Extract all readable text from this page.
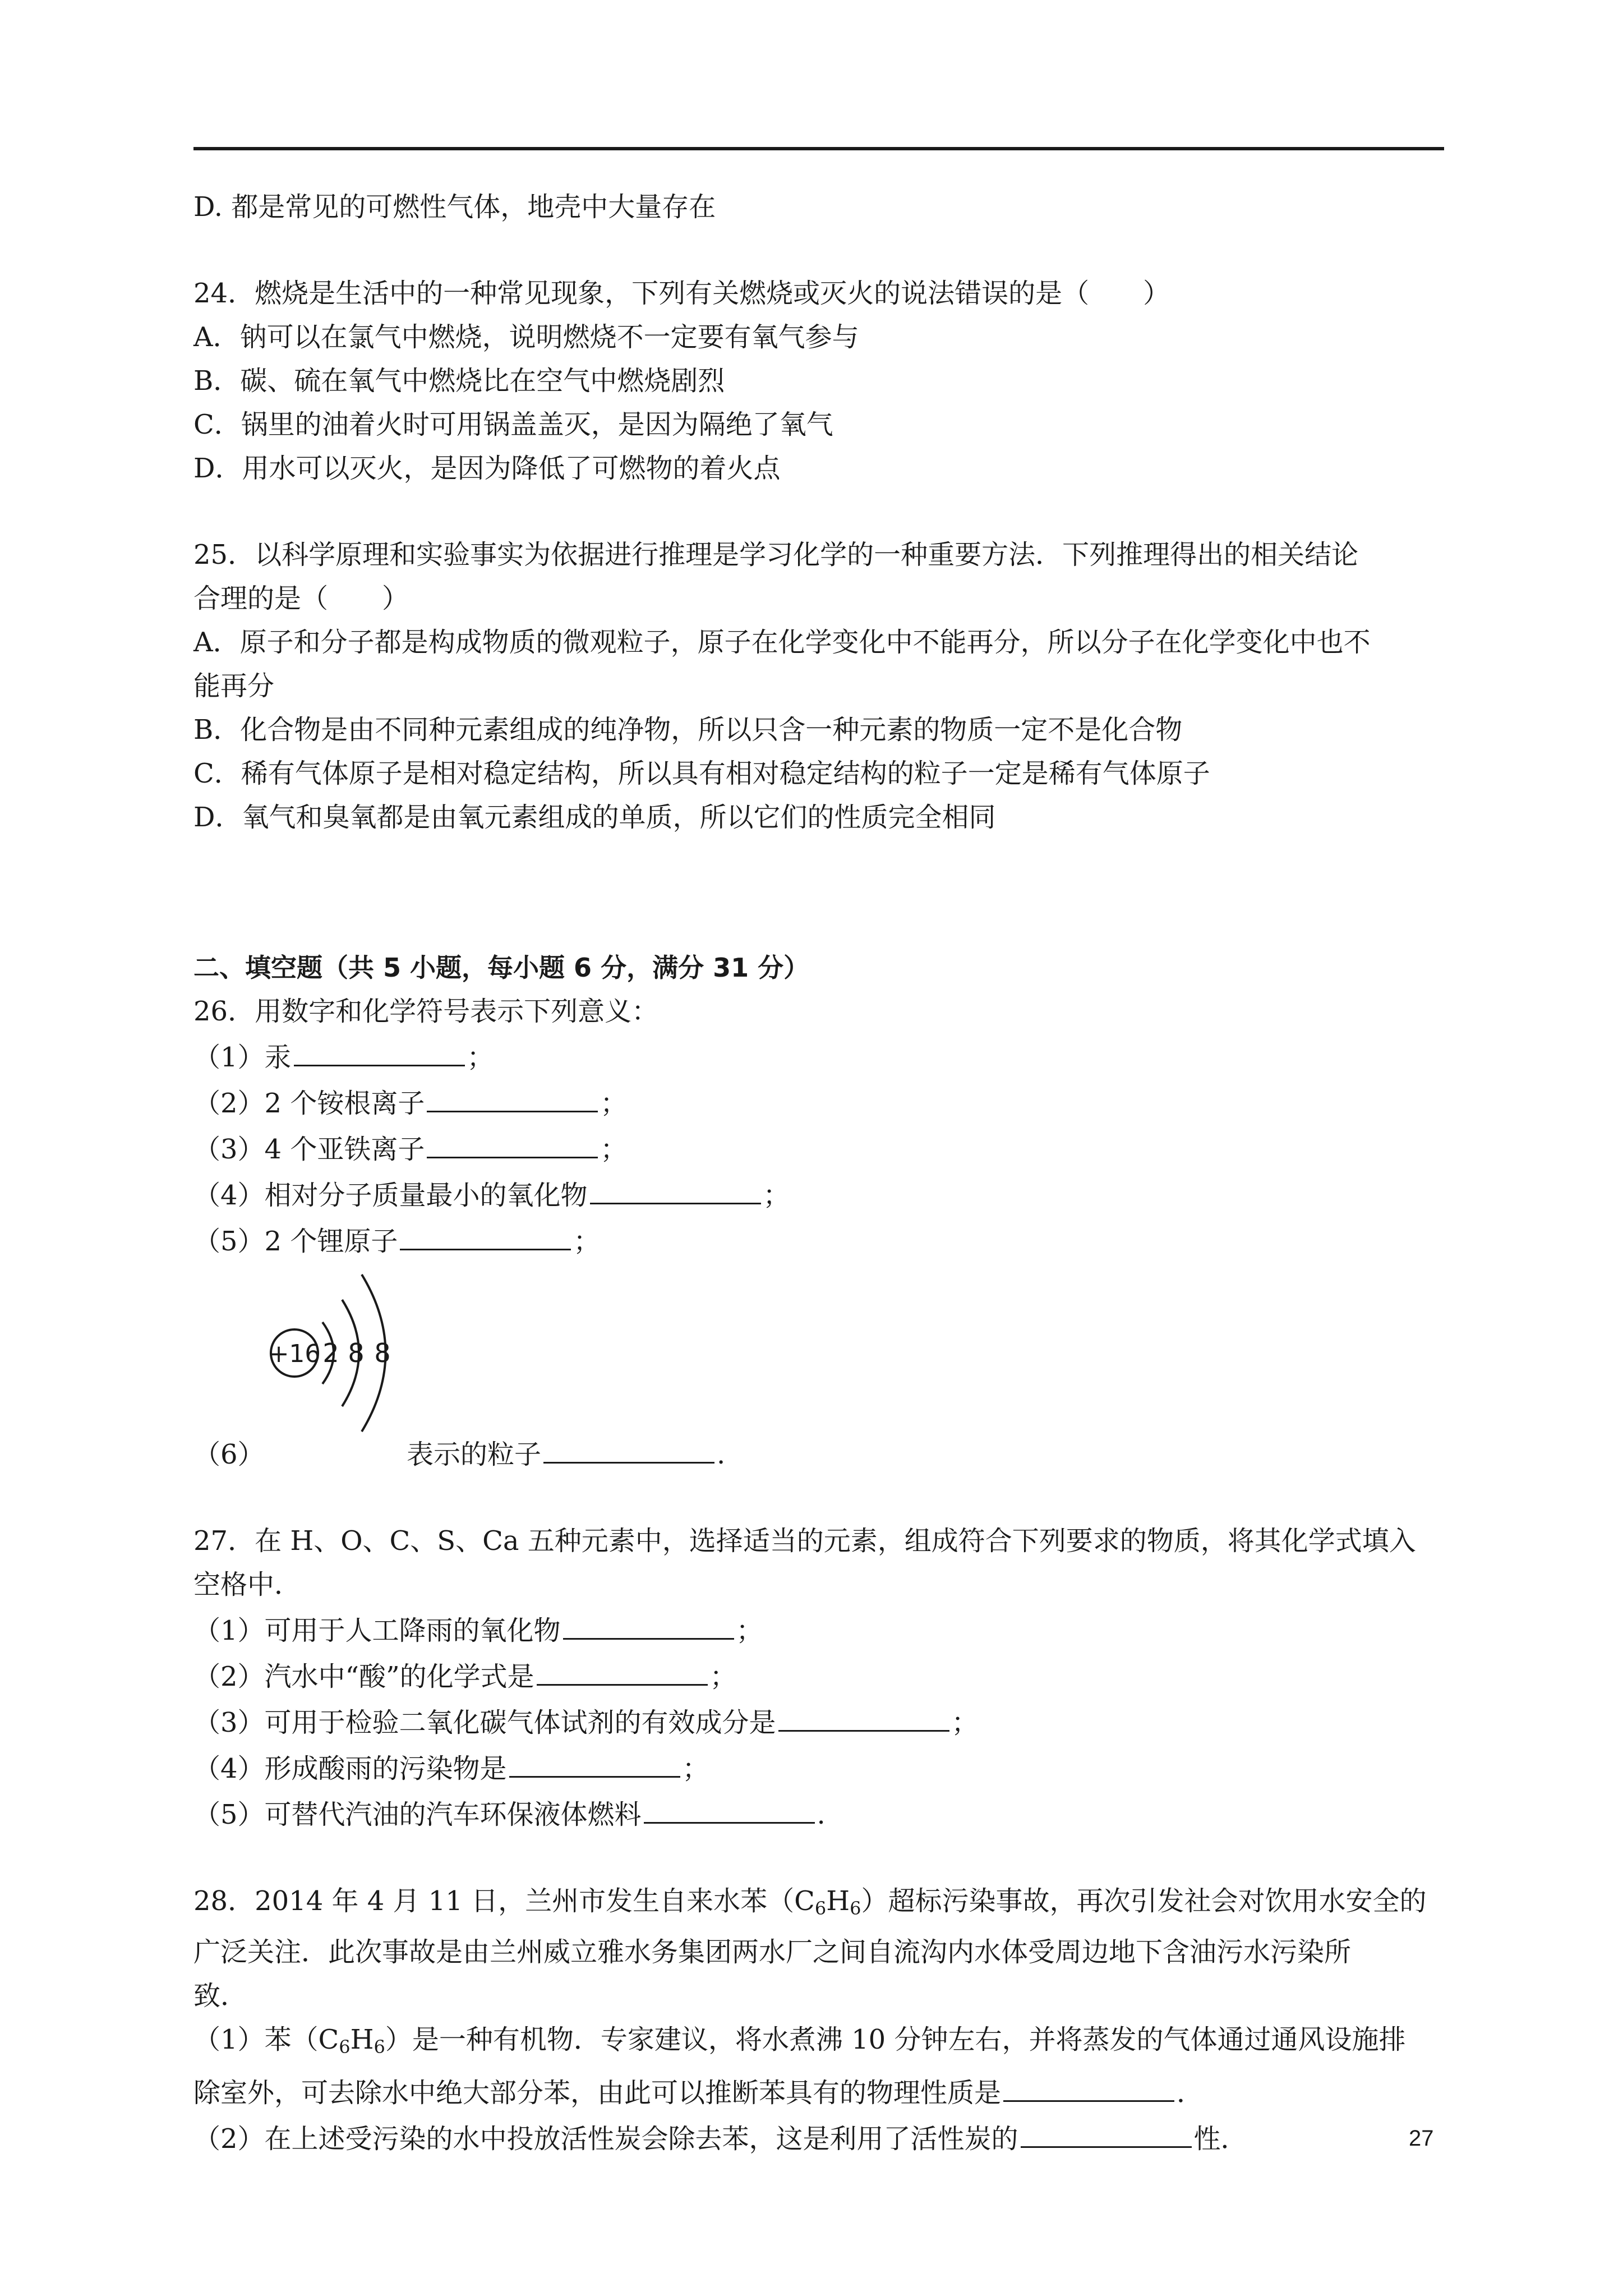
D. 都是常见的可燃性气体，地壳中大量存在
24．燃烧是生活中的一种常见现象，下列有关燃烧或灭火的说法错误的是（　　）
A．钠可以在氯气中燃烧，说明燃烧不一定要有氧气参与
B．碳、硫在氧气中燃烧比在空气中燃烧剧烈
C．锅里的油着火时可用锅盖盖灭，是因为隔绝了氧气
D．用水可以灭火，是因为降低了可燃物的着火点
25．以科学原理和实验事实为依据进行推理是学习化学的一种重要方法．下列推理得出的相关结论
合理的是（　　）
A．原子和分子都是构成物质的微观粒子，原子在化学变化中不能再分，所以分子在化学变化中也不
能再分
B．化合物是由不同种元素组成的纯净物，所以只含一种元素的物质一定不是化合物
C．稀有气体原子是相对稳定结构，所以具有相对稳定结构的粒子一定是稀有气体原子
D．氧气和臭氧都是由氧元素组成的单质，所以它们的性质完全相同
二、填空题（共 5 小题，每小题 6 分，满分 31 分）
26．用数字和化学符号表示下列意义：
（1）汞	；
（2）2 个铵根离子	；
（3）4 个亚铁离子	；
（4）相对分子质量最小的氧化物	；
（5）2 个锂原子	；
（6）
+16 2 8 8
表示的粒子	.
27．在 H、O、C、S、Ca 五种元素中，选择适当的元素，组成符合下列要求的物质，将其化学式填入
空格中．
（1）可用于人工降雨的氧化物	；
（2）汽水中“酸”的化学式是	；
（3）可用于检验二氧化碳气体试剂的有效成分是	；
（4）形成酸雨的污染物是	；
（5）可替代汽油的汽车环保液体燃料	.
28．2014 年 4 月 11 日，兰州市发生自来水苯$(C_6H_6)$超标污染事故，再次引发社会对饮用水安全的
广泛关注．此次事故是由兰州威立雅水务集团两水厂之间自流沟内水体受周边地下含油污水污染所
致．
（1）苯$(C_6H_6)$是一种有机物．专家建议，将水煮沸 10 分钟左右，并将蒸发的气体通过通风设施排
除室外，可去除水中绝大部分苯，由此可以推断苯具有的物理性质是	．
（2）在上述受污染的水中投放活性炭会除去苯，这是利用了活性炭的	性．	27
